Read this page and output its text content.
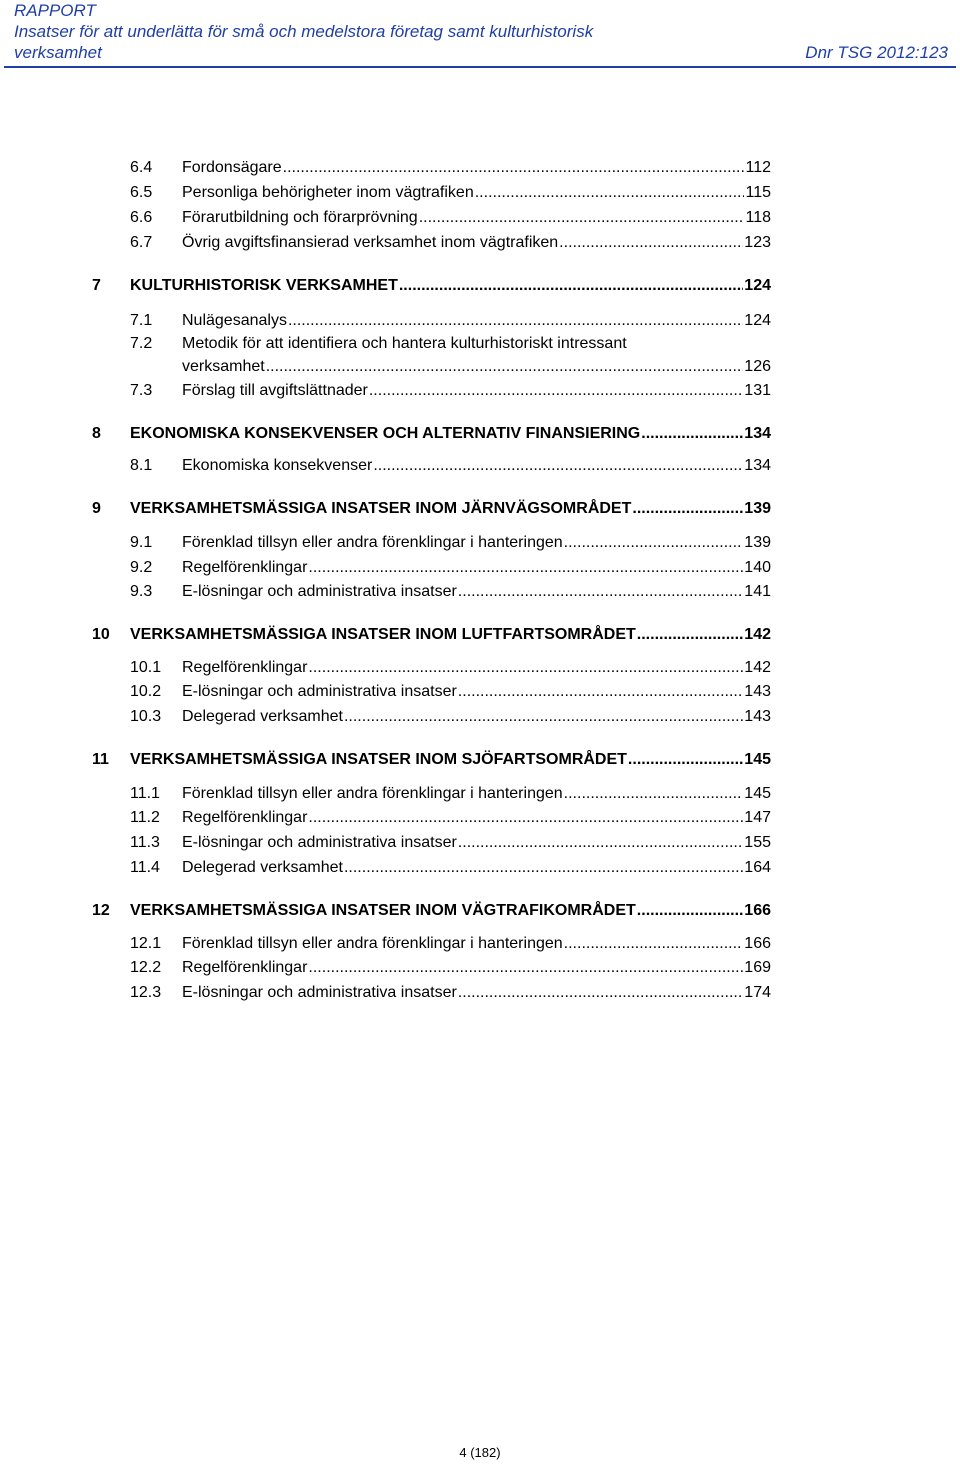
RAPPORT
Insatser för att underlätta för små och medelstora företag samt kulturhistorisk
verksamhet	Dnr TSG 2012:123
6.4 Fordonsägare .....	112
6.5 Personliga behörigheter inom vägtrafiken .....	115
6.6 Förarutbildning och förarprövning .....	118
6.7 Övrig avgiftsfinansierad verksamhet inom vägtrafiken .....	123
7 KULTURHISTORISK VERKSAMHET .....	124
7.1 Nulägesanalys .....	124
7.2 Metodik för att identifiera och hantera kulturhistoriskt intressant
verksamhet .....	126
7.3 Förslag till avgiftslättnader .....	131
8 EKONOMISKA KONSEKVENSER OCH ALTERNATIV FINANSIERING .....	134
8.1 Ekonomiska konsekvenser .....	134
9 VERKSAMHETSMÄSSIGA INSATSER INOM JÄRNVÄGSOMRÅDET .....	139
9.1 Förenklad tillsyn eller andra förenklingar i hanteringen .....	139
9.2 Regelförenklingar .....	140
9.3 E-lösningar och administrativa insatser .....	141
10 VERKSAMHETSMÄSSIGA INSATSER INOM LUFTFARTSOMRÅDET .....	142
10.1 Regelförenklingar .....	142
10.2 E-lösningar och administrativa insatser .....	143
10.3 Delegerad verksamhet .....	143
11 VERKSAMHETSMÄSSIGA INSATSER INOM SJÖFARTSOMRÅDET .....	145
11.1 Förenklad tillsyn eller andra förenklingar i hanteringen .....	145
11.2 Regelförenklingar .....	147
11.3 E-lösningar och administrativa insatser .....	155
11.4 Delegerad verksamhet .....	164
12 VERKSAMHETSMÄSSIGA INSATSER INOM VÄGTRAFIKOMRÅDET .....	166
12.1 Förenklad tillsyn eller andra förenklingar i hanteringen .....	166
12.2 Regelförenklingar .....	169
12.3 E-lösningar och administrativa insatser .....	174
4 (182)
